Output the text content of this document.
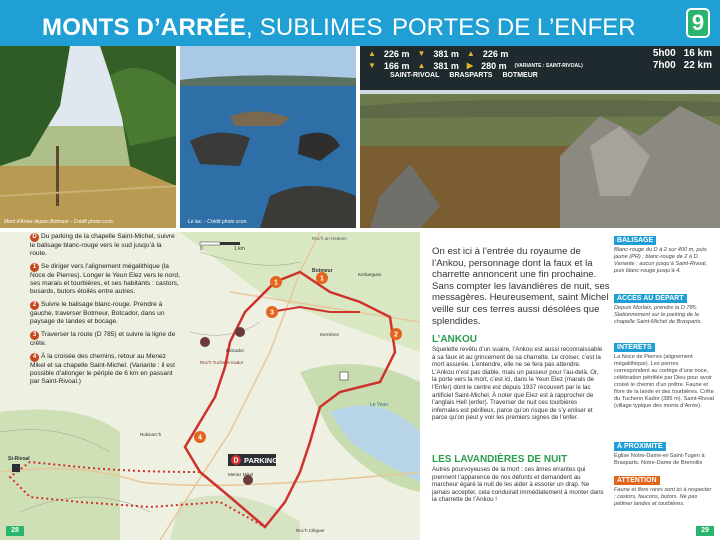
MONTS D’ARRÉE, SUBLIMES PORTES DE L’ENFER	9
Mont d’Arrée depuis Botmeur - Crédit photo ccon.	Le lac. - Crédit photo ccon.
▲ 226 m ▼ 381 m ▲ 226 m	5h00 16 km
▼ 166 m ▲ 381 m ▶ 280 m (VARIANTE : SAINT-RIVOAL)	7h00 22 km
SAINT-RIVOAL BRASPARTS BOTMEUR
1
2
3
4
1
D
0	1 km
PARKING
Roc’h an Hedenn
Botmeur
Kerbargues
Kernévez
Botcador
Roc’h Tuchenn Kador
St-Rivoal
Menez Mikel
Roc’h Cléguer
Le Yeun
Rokinarc’h
D Du parking de la chapelle Saint-Michel, suivre le balisage blanc-rouge vers le sud jusqu’à la route.
1 Se diriger vers l’alignement mégalithique (la Noce de Pierres). Longer le Yeun Elez vers le nord, ses marais et tourbières, et ses habitants : castors, busards, butors étoilés entre autres.
2 Suivre le balisage blanc-rouge. Prendre à gauche, traverser Botmeur, Botcador, dans un paysage de landes et bocage.
3 Traverser la route (D 785) et suivre la ligne de crête.
4 À la croisée des chemins, retour au Menez Mikel et sa chapelle Saint-Michel. (Variante : il est possible d’allonger le périple de 6 km en passant par Saint-Rivoal.)
On est ici à l’entrée du royaume de l’Ankou, personnage dont la faux et la charrette annoncent une fin prochaine. Sans compter les lavandières de nuit, ses messagères. Heureusement, saint Michel veille sur ces terres aussi désolées que splendides.
L’ANKOU
Squelette revêtu d’un suaire, l’Ankou est aussi reconnaissable à sa faux et au grincement de sa charrette. Le croiser, c’est la mort assurée. L’entendre, elle ne se fera pas attendre. L’Ankou n’est pas diable, mais un passeur pour l’au-delà. Or, la porte vers la mort, c’est ici, dans le Yeun Elez (marais de l’Enfer) dont le centre est depuis 1937 recouvert par le lac artificiel Saint-Michel. À noter que Elez est à rapprocher de l’anglais Hell (enfer). Traverser de nuit ces tourbières infernales est périlleux, parce qu’on risque de s’y enliser et parce qu’on peut y voir les premiers signes de l’enfer.
LES LAVANDIÈRES DE NUIT
Autres pourvoyeuses de la mort : ces âmes errantes qui prennent l’apparence de nos défunts et demandent au marcheur égaré la nuit de les aider à essorer un drap. Ne jamais accepter, cela conduirait immédiatement à monter dans la charrette de l’Ankou !
BALISAGE
Blanc-rouge du D à 2 sur 400 m, puis jaune (PR) ; blanc-rouge de 2 à D. Variante : aucun jusqu’à Saint-Rivoal, puis blanc-rouge jusqu’à 4.
ACCÈS AU DÉPART
Depuis Morlaix, prendre la D 785. Stationnement sur le parking de la chapelle Saint-Michel de Brasparts.
INTÉRÊTS
La Noce de Pierres (alignement mégalithique). Les pierres correspondent au cortège d’une noce, célébration pétrifiée par Dieu pour avoir croisé le chemin d’un prêtre. Faune et flore de la lande et des tourbières. Crête du Tuchenn Kador (385 m). Saint-Rivoal (village typique des monts d’Arrée).
À PROXIMITÉ
Église Notre-Dame-et-Saint-Tugen à Brasparts. Notre-Dame de Brennilis
ATTENTION
Faune et flore rares sont ici à respecter : castors, faucons, butors. Ne pas piétiner landes et tourbières.
28	29
